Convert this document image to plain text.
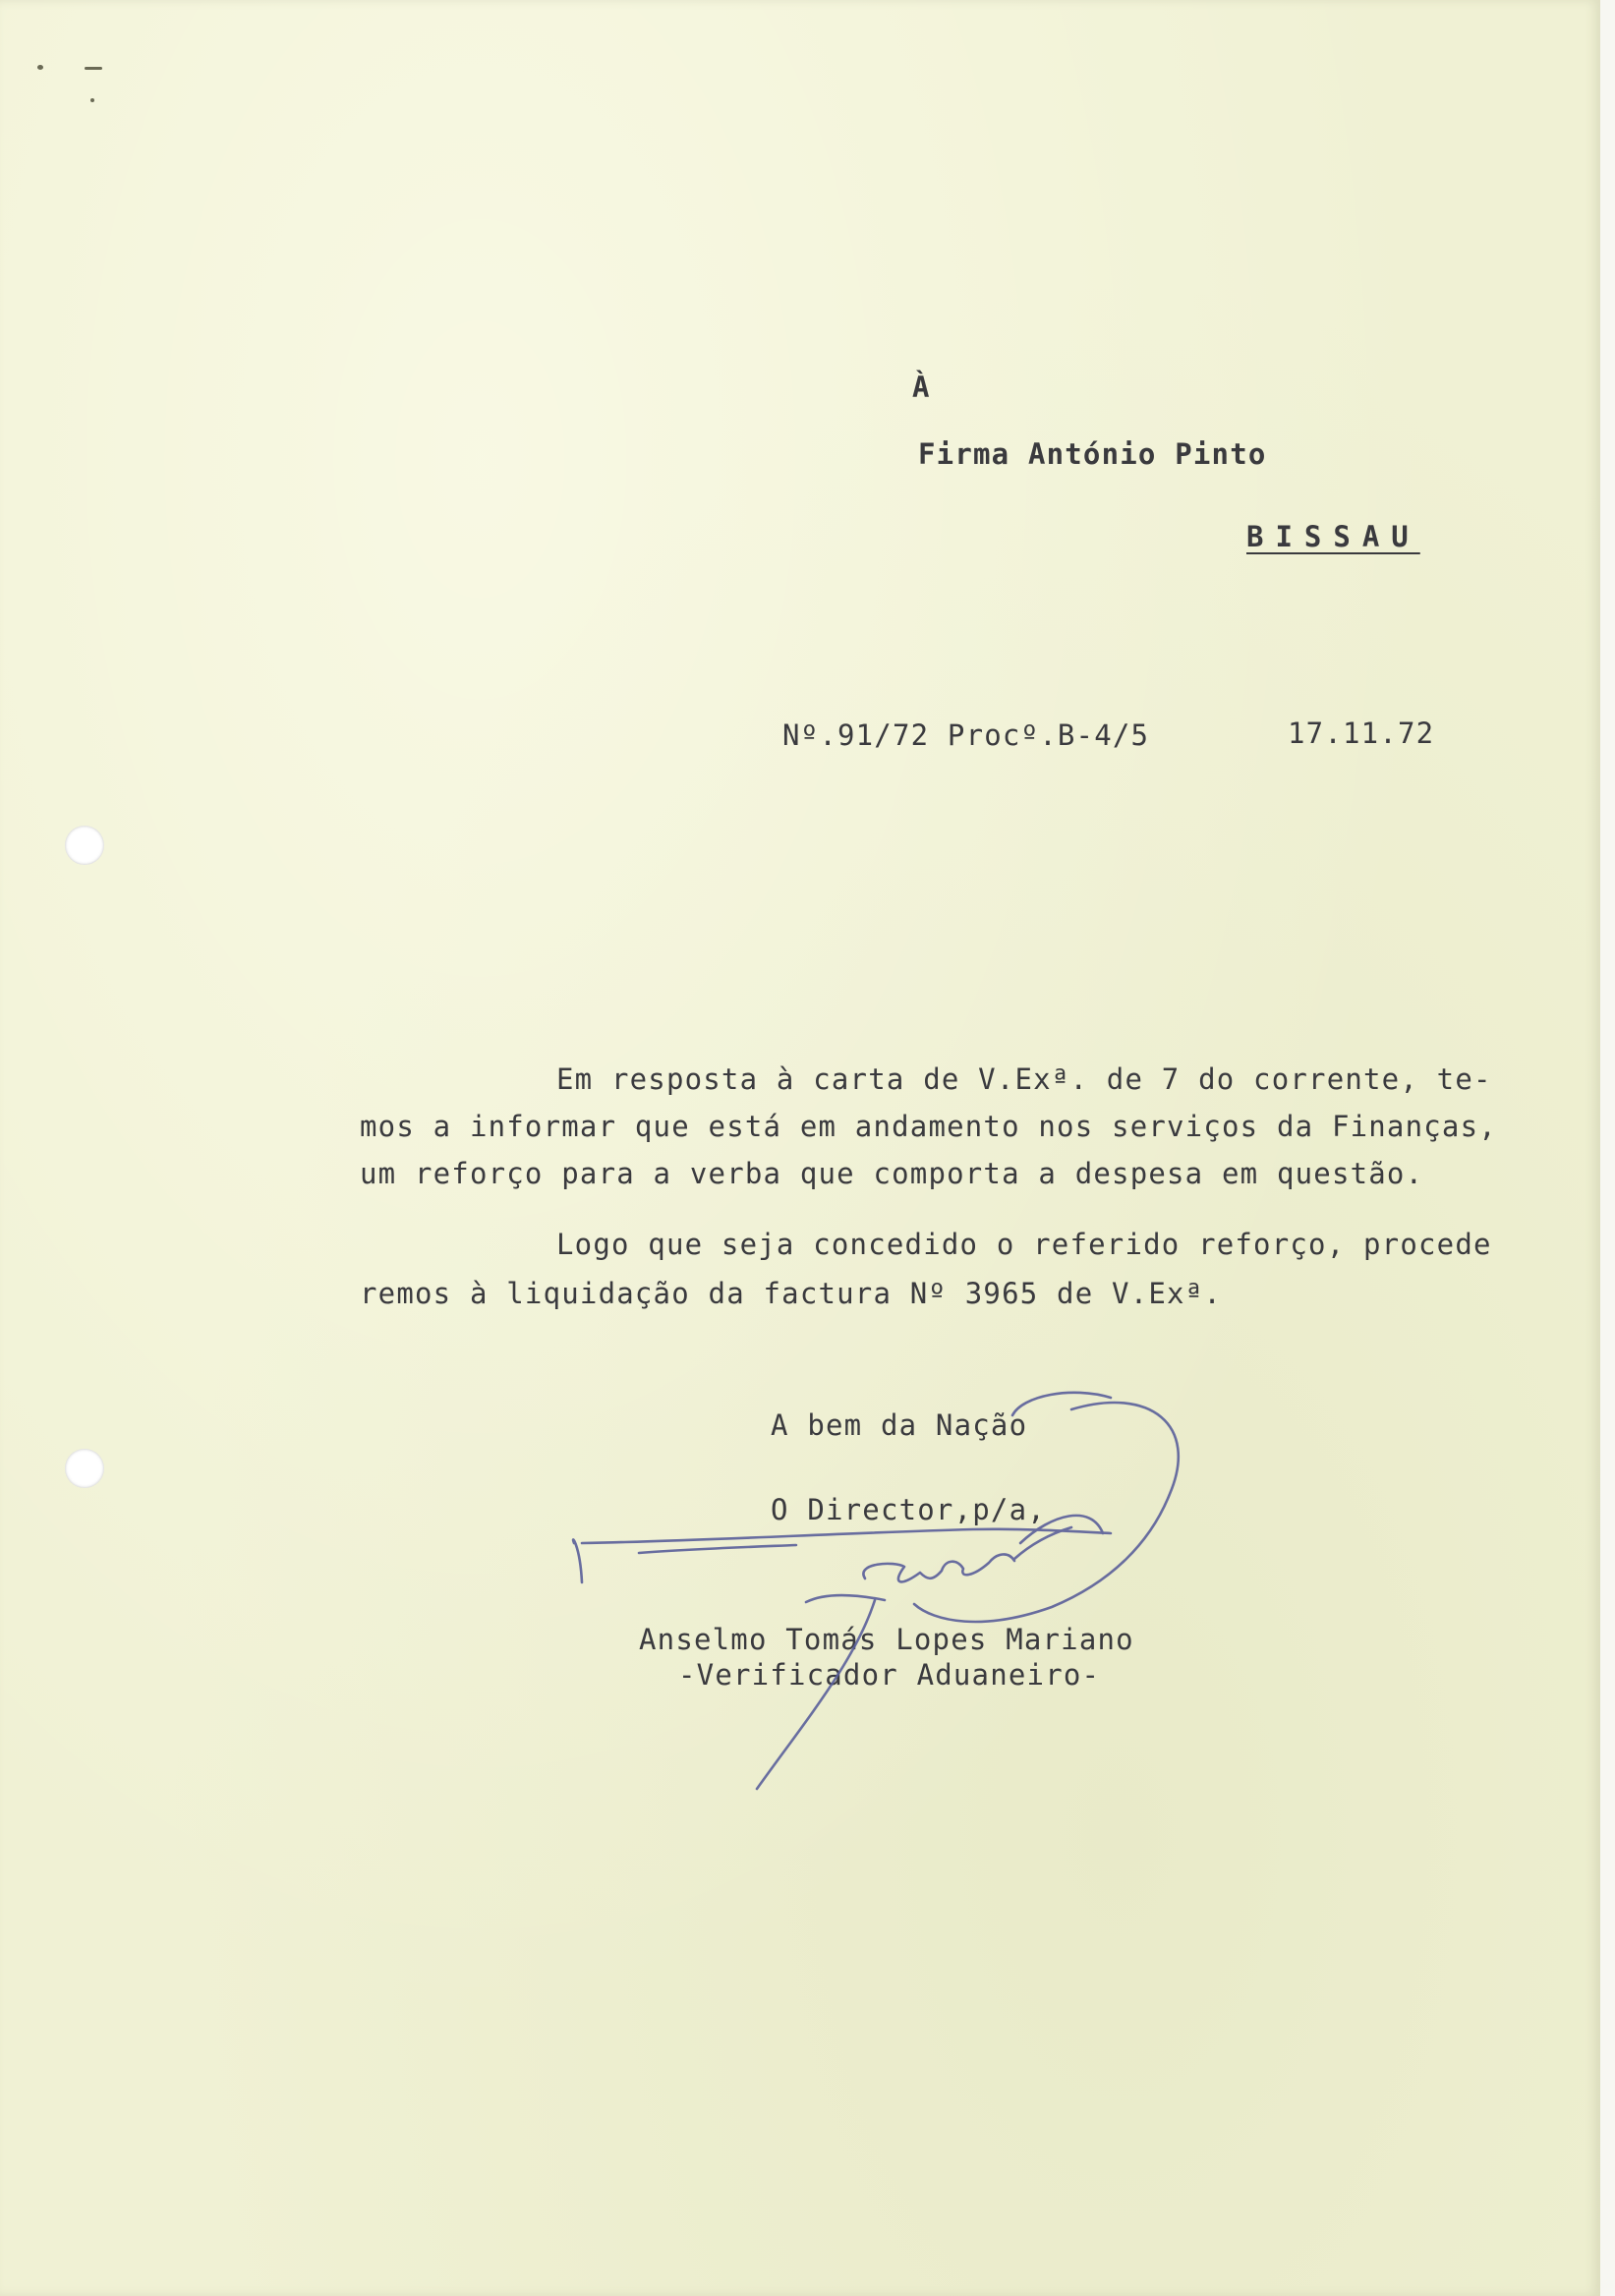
À
Firma António Pinto
BISSAU
Nº.91/72 Procº.B-4/5	17.11.72
Em resposta à carta de V.Exª. de 7 do corrente, te-
mos a informar que está em andamento nos serviços da Finanças,
um reforço para a verba que comporta a despesa em questão.
Logo que seja concedido o referido reforço, procede
remos à liquidação da factura Nº 3965 de V.Exª.
A bem da Nação
O Director,p/a,
Anselmo Tomás Lopes Mariano
-Verificador Aduaneiro-
